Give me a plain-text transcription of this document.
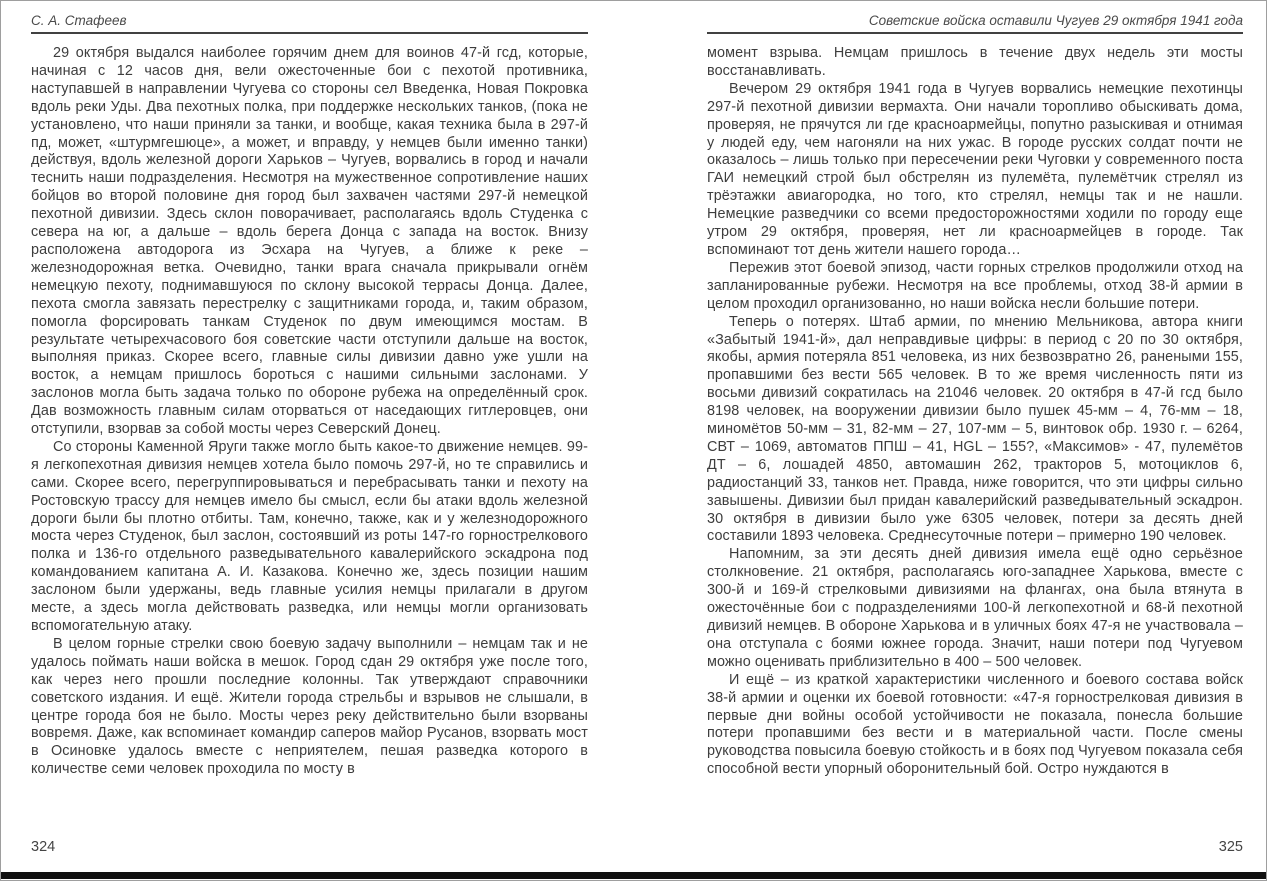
С. А. Стафеев

29 октября выдался наиболее горячим днем для воинов 47-й гсд, которые, начиная с 12 часов дня, вели ожесточенные бои с пехотой противника, наступавшей в направлении Чугуева со стороны сел Введенка, Новая Покровка вдоль реки Уды. Два пехотных полка, при поддержке нескольких танков, (пока не установлено, что наши приняли за танки, и вообще, какая техника была в 297-й пд, может, «штурмгешюце», а может, и вправду, у немцев были именно танки) действуя, вдоль железной дороги Харьков – Чугуев, ворвались в город и начали теснить наши подразделения. Несмотря на мужественное сопротивление наших бойцов во второй половине дня город был захвачен частями 297-й немецкой пехотной дивизии. Здесь склон поворачивает, располагаясь вдоль Студенка с севера на юг, а дальше – вдоль берега Донца с запада на восток. Внизу расположена автодорога из Эсхара на Чугуев, а ближе к реке – железнодорожная ветка. Очевидно, танки врага сначала прикрывали огнём немецкую пехоту, поднимавшуюся по склону высокой террасы Донца. Далее, пехота смогла завязать перестрелку с защитниками города, и, таким образом, помогла форсировать танкам Студенок по двум имеющимся мостам. В результате четырехчасового боя советские части отступили дальше на восток, выполняя приказ. Скорее всего, главные силы дивизии давно уже ушли на восток, а немцам пришлось бороться с нашими сильными заслонами. У заслонов могла быть задача только по обороне рубежа на определённый срок. Дав возможность главным силам оторваться от наседающих гитлеровцев, они отступили, взорвав за собой мосты через Северский Донец.

Со стороны Каменной Яруги также могло быть какое-то движение немцев. 99-я легкопехотная дивизия немцев хотела было помочь 297-й, но те справились и сами. Скорее всего, перегруппировываться и перебрасывать танки и пехоту на Ростовскую трассу для немцев имело бы смысл, если бы атаки вдоль железной дороги были бы плотно отбиты. Там, конечно, также, как и у железнодорожного моста через Студенок, был заслон, состоявший из роты 147-го горнострелкового полка и 136-го отдельного разведывательного кавалерийского эскадрона под командованием капитана А. И. Казакова. Конечно же, здесь позиции нашим заслоном были удержаны, ведь главные усилия немцы прилагали в другом месте, а здесь могла действовать разведка, или немцы могли организовать вспомогательную атаку.

В целом горные стрелки свою боевую задачу выполнили – немцам так и не удалось поймать наши войска в мешок. Город сдан 29 октября уже после того, как через него прошли последние колонны. Так утверждают справочники советского издания. И ещё. Жители города стрельбы и взрывов не слышали, в центре города боя не было. Мосты через реку действительно были взорваны вовремя. Даже, как вспоминает командир саперов майор Русанов, взорвать мост в Осиновке удалось вместе с неприятелем, пешая разведка которого в количестве семи человек проходила по мосту в

Советские войска оставили Чугуев 29 октября 1941 года

момент взрыва. Немцам пришлось в течение двух недель эти мосты восстанавливать.

Вечером 29 октября 1941 года в Чугуев ворвались немецкие пехотинцы 297-й пехотной дивизии вермахта. Они начали торопливо обыскивать дома, проверяя, не прячутся ли где красноармейцы, попутно разыскивая и отнимая у людей еду, чем нагоняли на них ужас. В городе русских солдат почти не оказалось – лишь только при пересечении реки Чуговки у современного поста ГАИ немецкий строй был обстрелян из пулемёта, пулемётчик стрелял из трёэтажки авиагородка, но того, кто стрелял, немцы так и не нашли. Немецкие разведчики со всеми предосторожностями ходили по городу еще утром 29 октября, проверяя, нет ли красноармейцев в городе. Так вспоминают тот день жители нашего города…

Пережив этот боевой эпизод, части горных стрелков продолжили отход на запланированные рубежи. Несмотря на все проблемы, отход 38-й армии в целом проходил организованно, но наши войска несли большие потери.

Теперь о потерях. Штаб армии, по мнению Мельникова, автора книги «Забытый 1941-й», дал неправдивые цифры: в период с 20 по 30 октября, якобы, армия потеряла 851 человека, из них безвозвратно 26, ранеными 155, пропавшими без вести 565 человек. В то же время численность пяти из восьми дивизий сократилась на 21046 человек. 20 октября в 47-й гсд было 8198 человек, на вооружении дивизии было пушек 45-мм – 4, 76-мм – 18, миномётов 50-мм – 31, 82-мм – 27, 107-мм – 5, винтовок обр. 1930 г. – 6264, СВТ – 1069, автоматов ППШ – 41, HGL – 155?, «Максимов» - 47, пулемётов ДТ – 6, лошадей 4850, автомашин 262, тракторов 5, мотоциклов 6, радиостанций 33, танков нет. Правда, ниже говорится, что эти цифры сильно завышены. Дивизии был придан кавалерийский разведывательный эскадрон. 30 октября в дивизии было уже 6305 человек, потери за десять дней составили 1893 человека. Среднесуточные потери – примерно 190 человек.

Напомним, за эти десять дней дивизия имела ещё одно серьёзное столкновение. 21 октября, располагаясь юго-западнее Харькова, вместе с 300-й и 169-й стрелковыми дивизиями на флангах, она была втянута в ожесточённые бои с подразделениями 100-й легкопехотной и 68-й пехотной дивизий немцев. В обороне Харькова и в уличных боях 47-я не участвовала – она отступала с боями южнее города. Значит, наши потери под Чугуевом можно оценивать приблизительно в 400 – 500 человек.

И ещё – из краткой характеристики численного и боевого состава войск 38-й армии и оценки их боевой готовности: «47-я горнострелковая дивизия в первые дни войны особой устойчивости не показала, понесла большие потери пропавшими без вести и в материальной части. После смены руководства повысила боевую стойкость и в боях под Чугуевом показала себя способной вести упорный оборонительный бой. Остро нуждаются в

324	325
